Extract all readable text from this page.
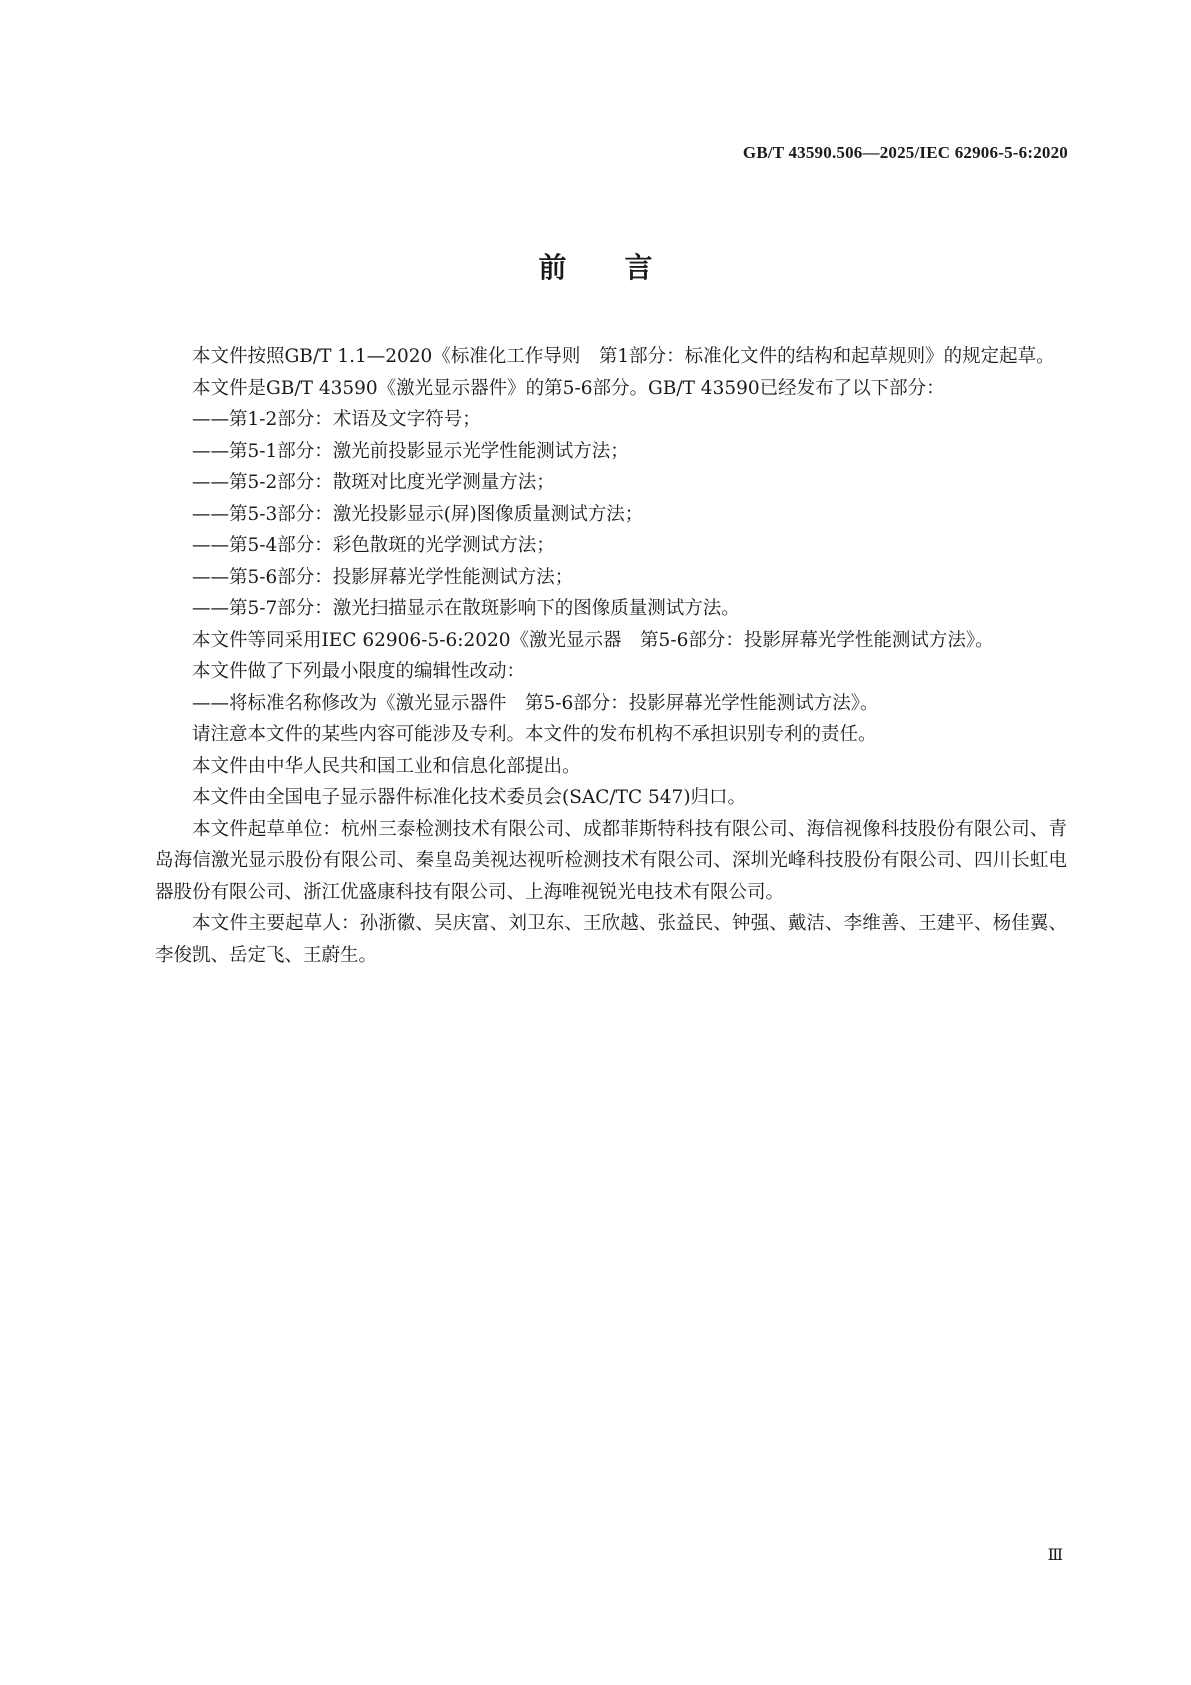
GB/T 43590.506—2025/IEC 62906-5-6:2020
前言

本文件按照GB/T 1.1—2020《标准化工作导则　第1部分：标准化文件的结构和起草规则》的规定起草。

本文件是GB/T 43590《激光显示器件》的第5-6部分。GB/T 43590已经发布了以下部分：

——第1-2部分：术语及文字符号；

——第5-1部分：激光前投影显示光学性能测试方法；

——第5-2部分：散斑对比度光学测量方法；

——第5-3部分：激光投影显示(屏)图像质量测试方法；

——第5-4部分：彩色散斑的光学测试方法；

——第5-6部分：投影屏幕光学性能测试方法；

——第5-7部分：激光扫描显示在散斑影响下的图像质量测试方法。

本文件等同采用IEC 62906-5-6:2020《激光显示器　第5-6部分：投影屏幕光学性能测试方法》。

本文件做了下列最小限度的编辑性改动：

——将标准名称修改为《激光显示器件　第5-6部分：投影屏幕光学性能测试方法》。

请注意本文件的某些内容可能涉及专利。本文件的发布机构不承担识别专利的责任。

本文件由中华人民共和国工业和信息化部提出。

本文件由全国电子显示器件标准化技术委员会(SAC/TC 547)归口。

本文件起草单位：杭州三泰检测技术有限公司、成都菲斯特科技有限公司、海信视像科技股份有限公司、青岛海信激光显示股份有限公司、秦皇岛美视达视听检测技术有限公司、深圳光峰科技股份有限公司、四川长虹电器股份有限公司、浙江优盛康科技有限公司、上海唯视锐光电技术有限公司。

本文件主要起草人：孙浙徽、吴庆富、刘卫东、王欣越、张益民、钟强、戴洁、李维善、王建平、杨佳翼、李俊凯、岳定飞、王蔚生。

Ⅲ
